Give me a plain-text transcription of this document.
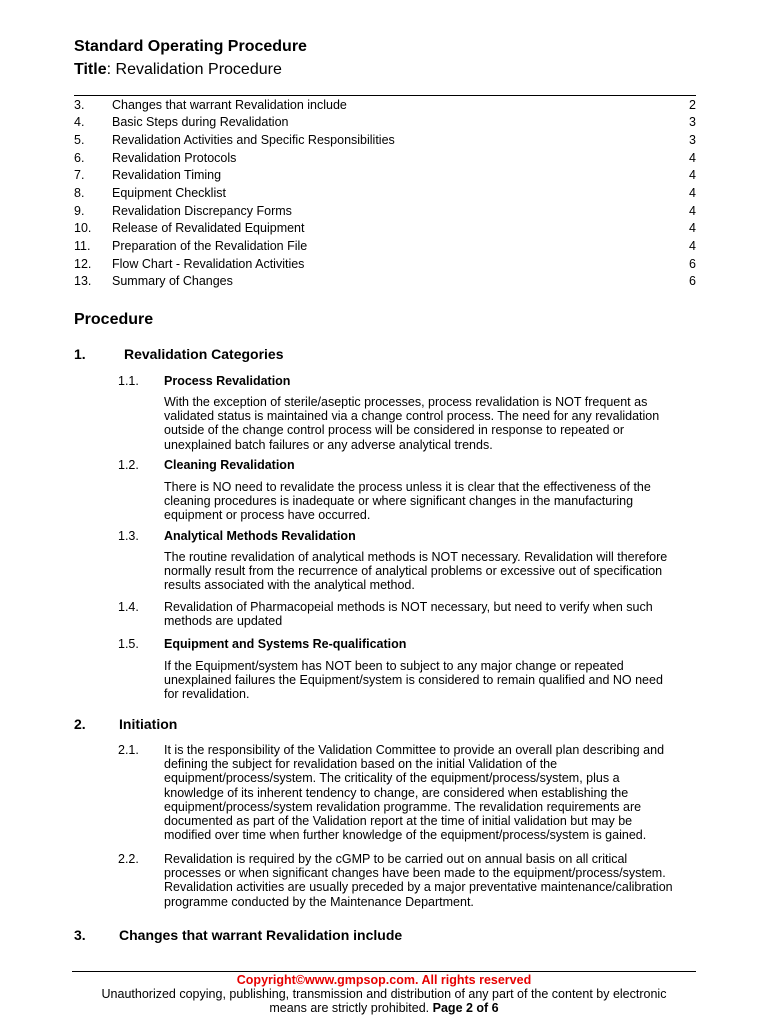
Standard Operating Procedure
Title: Revalidation Procedure
3.	Changes that warrant Revalidation include	2
4.	Basic Steps during Revalidation	3
5.	Revalidation Activities and Specific Responsibilities	3
6.	Revalidation Protocols	4
7.	Revalidation Timing	4
8.	Equipment Checklist	4
9.	Revalidation Discrepancy Forms	4
10.	Release of Revalidated Equipment	4
11.	Preparation of the Revalidation File	4
12.	Flow Chart - Revalidation Activities	6
13.	Summary of Changes	6
Procedure
1.	Revalidation Categories
1.1. Process Revalidation
With the exception of sterile/aseptic processes, process revalidation is NOT frequent as
validated status is maintained via a change control process. The need for any revalidation
outside of the change control process will be considered in response to repeated or
unexplained batch failures or any adverse analytical trends.
1.2. Cleaning Revalidation
There is NO need to revalidate the process unless it is clear that the effectiveness of the
cleaning procedures is inadequate or where significant changes in the manufacturing
equipment or process have occurred.
1.3. Analytical Methods Revalidation
The routine revalidation of analytical methods is NOT necessary. Revalidation will therefore
normally result from the recurrence of analytical problems or excessive out of specification
results associated with the analytical method.
1.4. Revalidation of Pharmacopeial methods is NOT necessary, but need to verify when such
methods are updated
1.5. Equipment and Systems Re-qualification
If the Equipment/system has NOT been to subject to any major change or repeated
unexplained failures the Equipment/system is considered to remain qualified and NO need
for revalidation.
2. Initiation
2.1. It is the responsibility of the Validation Committee to provide an overall plan describing and
defining the subject for revalidation based on the initial Validation of the
equipment/process/system. The criticality of the equipment/process/system, plus a
knowledge of its inherent tendency to change, are considered when establishing the
equipment/process/system revalidation programme. The revalidation requirements are
documented as part of the Validation report at the time of initial validation but may be
modified over time when further knowledge of the equipment/process/system is gained.
2.2. Revalidation is required by the cGMP to be carried out on annual basis on all critical
processes or when significant changes have been made to the equipment/process/system.
Revalidation activities are usually preceded by a major preventative maintenance/calibration
programme conducted by the Maintenance Department.
3. Changes that warrant Revalidation include
Copyright©www.gmpsop.com. All rights reserved
Unauthorized copying, publishing, transmission and distribution of any part of the content by electronic
means are strictly prohibited. Page 2 of 6
